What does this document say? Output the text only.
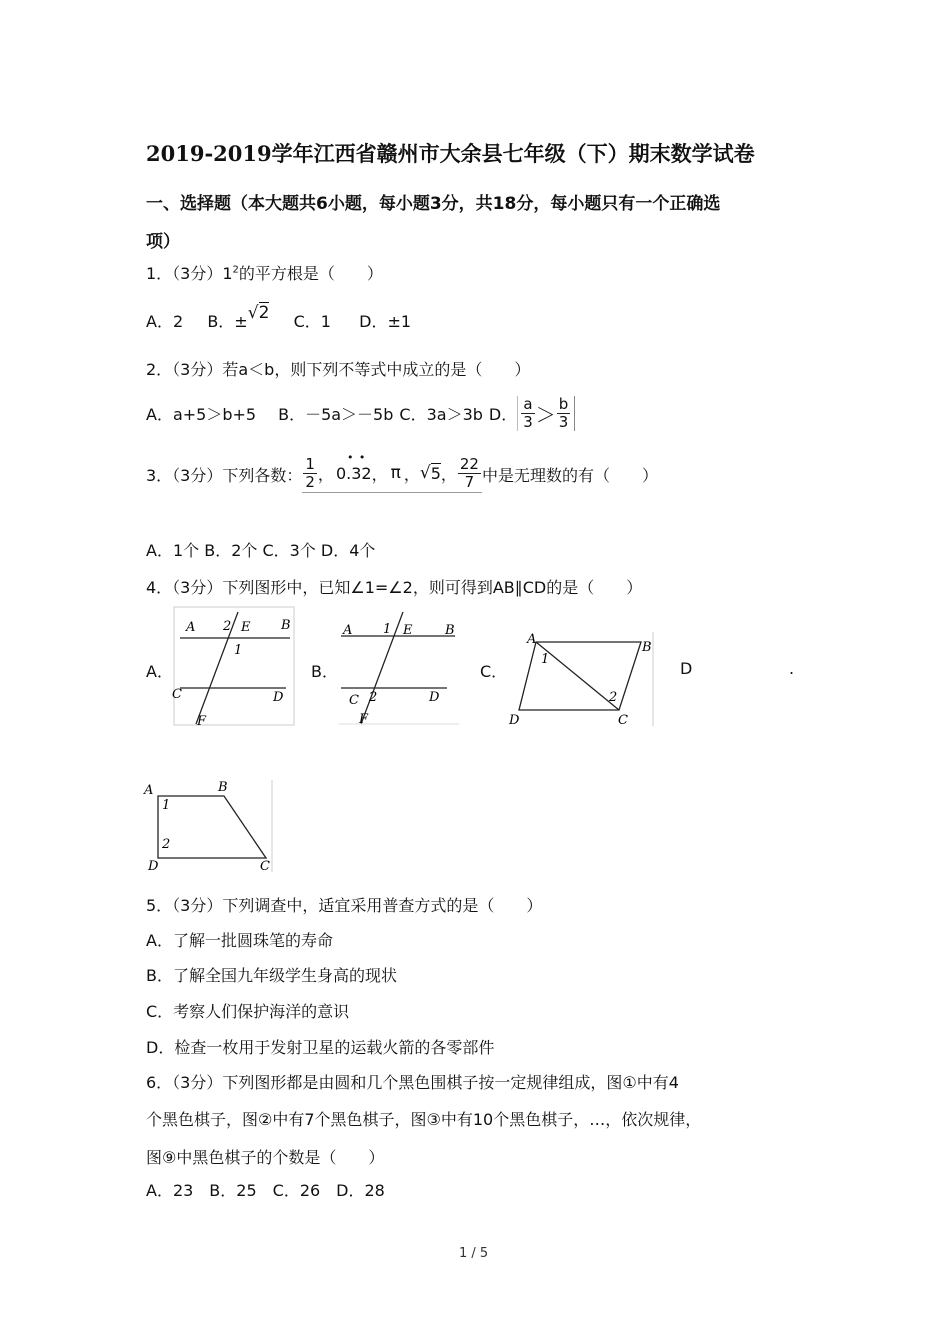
2019-2019学年江西省赣州市大余县七年级（下）期末数学试卷
一、选择题（本大题共6小题，每小题3分，共18分，每小题只有一个正确选
项）
1．（3分）$1^2$的平方根是（　　）
A．2 B．±√2 C．1 D．±1
2．（3分）若a＜b，则下列不等式中成立的是（　　）
A．a+5＞b+5 B．－5a＞－5b C．3a＞3b D． $\frac{a}{3} > \frac{b}{3}$
3．（3分）下列各数： $\frac{1}{2}$ ，
• •
0.32 ， π ， √ 5 ， $\frac{22}{7}$ 中是无理数的有（　　）
A．1个 B．2个 C．3个 D．4个
4．（3分）下列图形中，已知∠1=∠2，则可得到AB∥CD的是（　　）
A．	B．	C．	D	.
A 2 E B
1
C	D
F
A 1 E	B
C 2	D
F
A
1
B
2
D	C
A	B
1
2
D	C
5．（3分）下列调查中，适宜采用普查方式的是（　　）
A．了解一批圆珠笔的寿命
B．了解全国九年级学生身高的现状
C．考察人们保护海洋的意识
D．检查一枚用于发射卫星的运载火箭的各零部件
6．（3分）下列图形都是由圆和几个黑色围棋子按一定规律组成，图①中有4
个黑色棋子，图②中有7个黑色棋子，图③中有10个黑色棋子，…，依次规律，
图⑨中黑色棋子的个数是（　　）
A．23　B．25　C．26　D．28
1 / 5
